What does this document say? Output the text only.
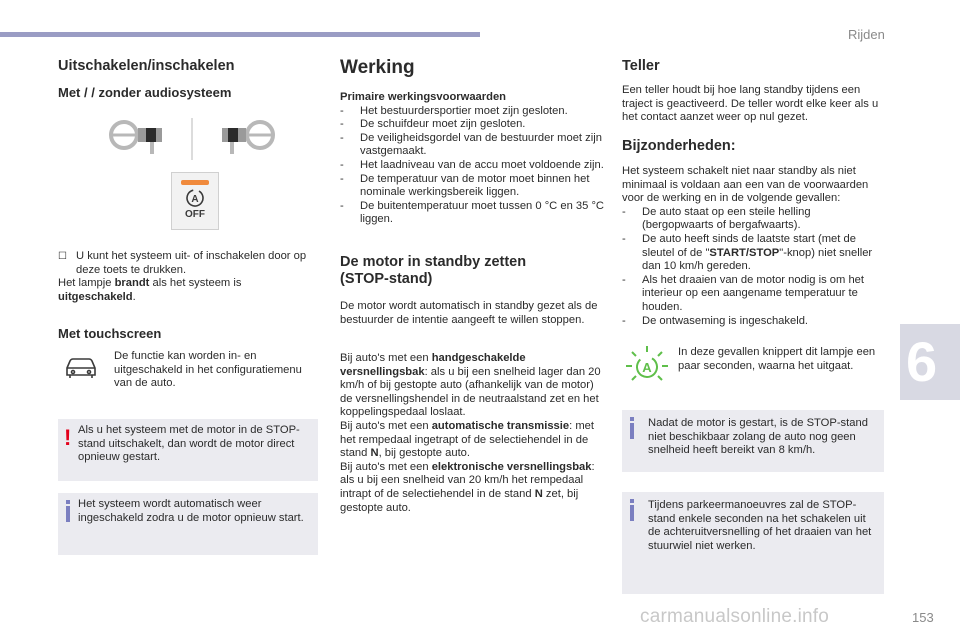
Rijden
6
carmanualsonline.info	153
Uitschakelen/inschakelen
Met / / zonder audiosysteem
A
OFF

☐ U kunt het systeem uit- of inschakelen door op deze toets te drukken.

Het lampje brandt als het systeem is uitgeschakeld.

Met touchscreen

De functie kan worden in- en uitgeschakeld in het configuratiemenu van de auto.

! Als u het systeem met de motor in de STOP-stand uitschakelt, dan wordt de motor direct opnieuw gestart.

Het systeem wordt automatisch weer ingeschakeld zodra u de motor opnieuw start.

Werking

Primaire werkingsvoorwaarden

- Het bestuurdersportier moet zijn gesloten.
- De schuifdeur moet zijn gesloten.
- De veiligheidsgordel van de bestuurder moet zijn vastgemaakt.
- Het laadniveau van de accu moet voldoende zijn.
- De temperatuur van de motor moet binnen het nominale werkingsbereik liggen.
- De buitentemperatuur moet tussen 0 °C en 35 °C liggen.
De motor in standby zetten
(STOP-stand)

De motor wordt automatisch in standby gezet als de bestuurder de intentie aangeeft te willen stoppen.

Bij auto's met een handgeschakelde versnellingsbak: als u bij een snelheid lager dan 20 km/h of bij gestopte auto (afhankelijk van de motor) de versnellingshendel in de neutraalstand zet en het koppelingspedaal loslaat.

Bij auto's met een automatische transmissie: met het rempedaal ingetrapt of de selectiehendel in de stand N, bij gestopte auto.

Bij auto's met een elektronische versnellingsbak: als u bij een snelheid van 20 km/h het rempedaal intrapt of de selectiehendel in de stand N zet, bij gestopte auto.

Teller

Een teller houdt bij hoe lang standby tijdens een traject is geactiveerd. De teller wordt elke keer als u het contact aanzet weer op nul gezet.

Bijzonderheden:

Het systeem schakelt niet naar standby als niet minimaal is voldaan aan een van de voorwaarden voor de werking en in de volgende gevallen:

- De auto staat op een steile helling (bergopwaarts of bergafwaarts).
- De auto heeft sinds de laatste start (met de sleutel of de "START/STOP"-knop) niet sneller dan 10 km/h gereden.
- Als het draaien van de motor nodig is om het interieur op een aangename temperatuur te houden.
- De ontwaseming is ingeschakeld.
A

In deze gevallen knippert dit lampje een paar seconden, waarna het uitgaat.

Nadat de motor is gestart, is de STOP-stand niet beschikbaar zolang de auto nog geen snelheid heeft bereikt van 8 km/h.

Tijdens parkeermanoeuvres zal de STOP-stand enkele seconden na het schakelen uit de achteruitversnelling of het draaien van het stuurwiel niet werken.
